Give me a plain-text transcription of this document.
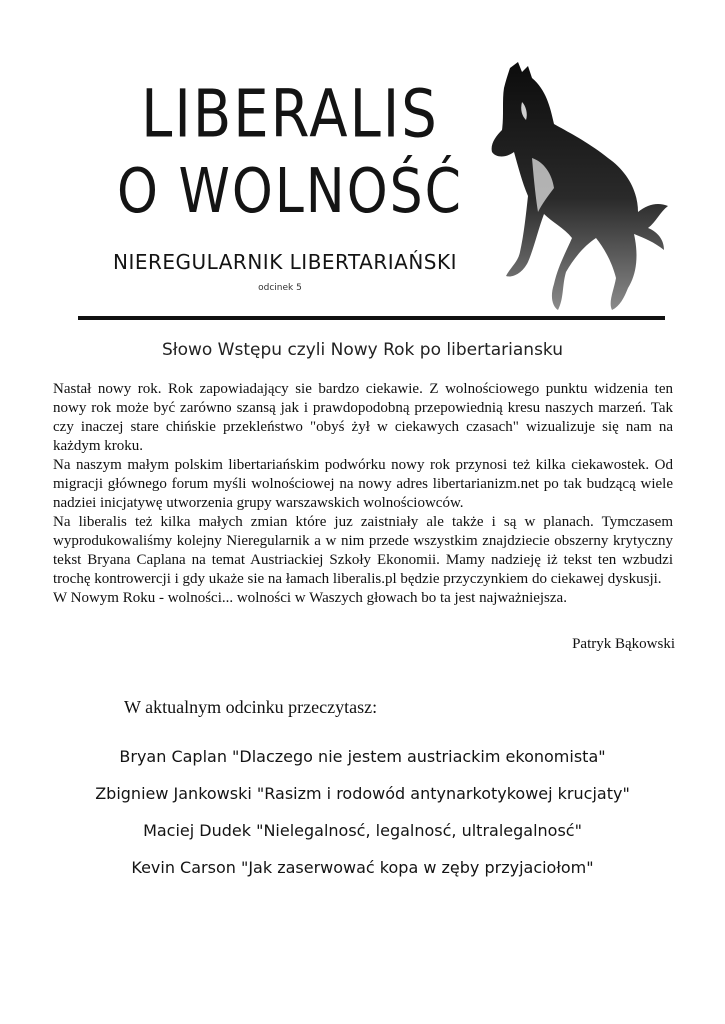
LIBERALIS
O WOLNOŚĆ
NIEREGULARNIK LIBERTARIAŃSKI
odcinek 5
Słowo Wstępu czyli Nowy Rok po libertariansku

Nastał nowy rok. Rok zapowiadający sie bardzo ciekawie. Z wolnościowego punktu widzenia ten nowy rok może być zarówno szansą jak i prawdopodobną przepowiednią kresu naszych marzeń. Tak czy inaczej stare chińskie przekleństwo "obyś żył w ciekawych czasach" wizualizuje się nam na każdym kroku.

Na naszym małym polskim libertariańskim podwórku nowy rok przynosi też kilka ciekawostek. Od migracji głównego forum myśli wolnościowej na nowy adres libertarianizm.net po tak budzącą wiele nadziei inicjatywę utworzenia grupy warszawskich wolnościowców.

Na liberalis też kilka małych zmian które juz zaistniały ale także i są w planach. Tymczasem wyprodukowaliśmy kolejny Nieregularnik a w nim przede wszystkim znajdziecie obszerny krytyczny tekst Bryana Caplana na temat Austriackiej Szkoły Ekonomii. Mamy nadzieję iż tekst ten wzbudzi trochę kontrowercji i gdy ukaże sie na łamach liberalis.pl będzie przyczynkiem do ciekawej dyskusji.

W Nowym Roku - wolności... wolności w Waszych głowach bo ta jest najważniejsza.

Patryk Bąkowski
W aktualnym odcinku przeczytasz:
Bryan Caplan "Dlaczego nie jestem austriackim ekonomista"
Zbigniew Jankowski "Rasizm i rodowód antynarkotykowej krucjaty"
Maciej Dudek "Nielegalnosć, legalnosć, ultralegalnosć"
Kevin Carson "Jak zaserwować kopa w zęby przyjaciołom"
